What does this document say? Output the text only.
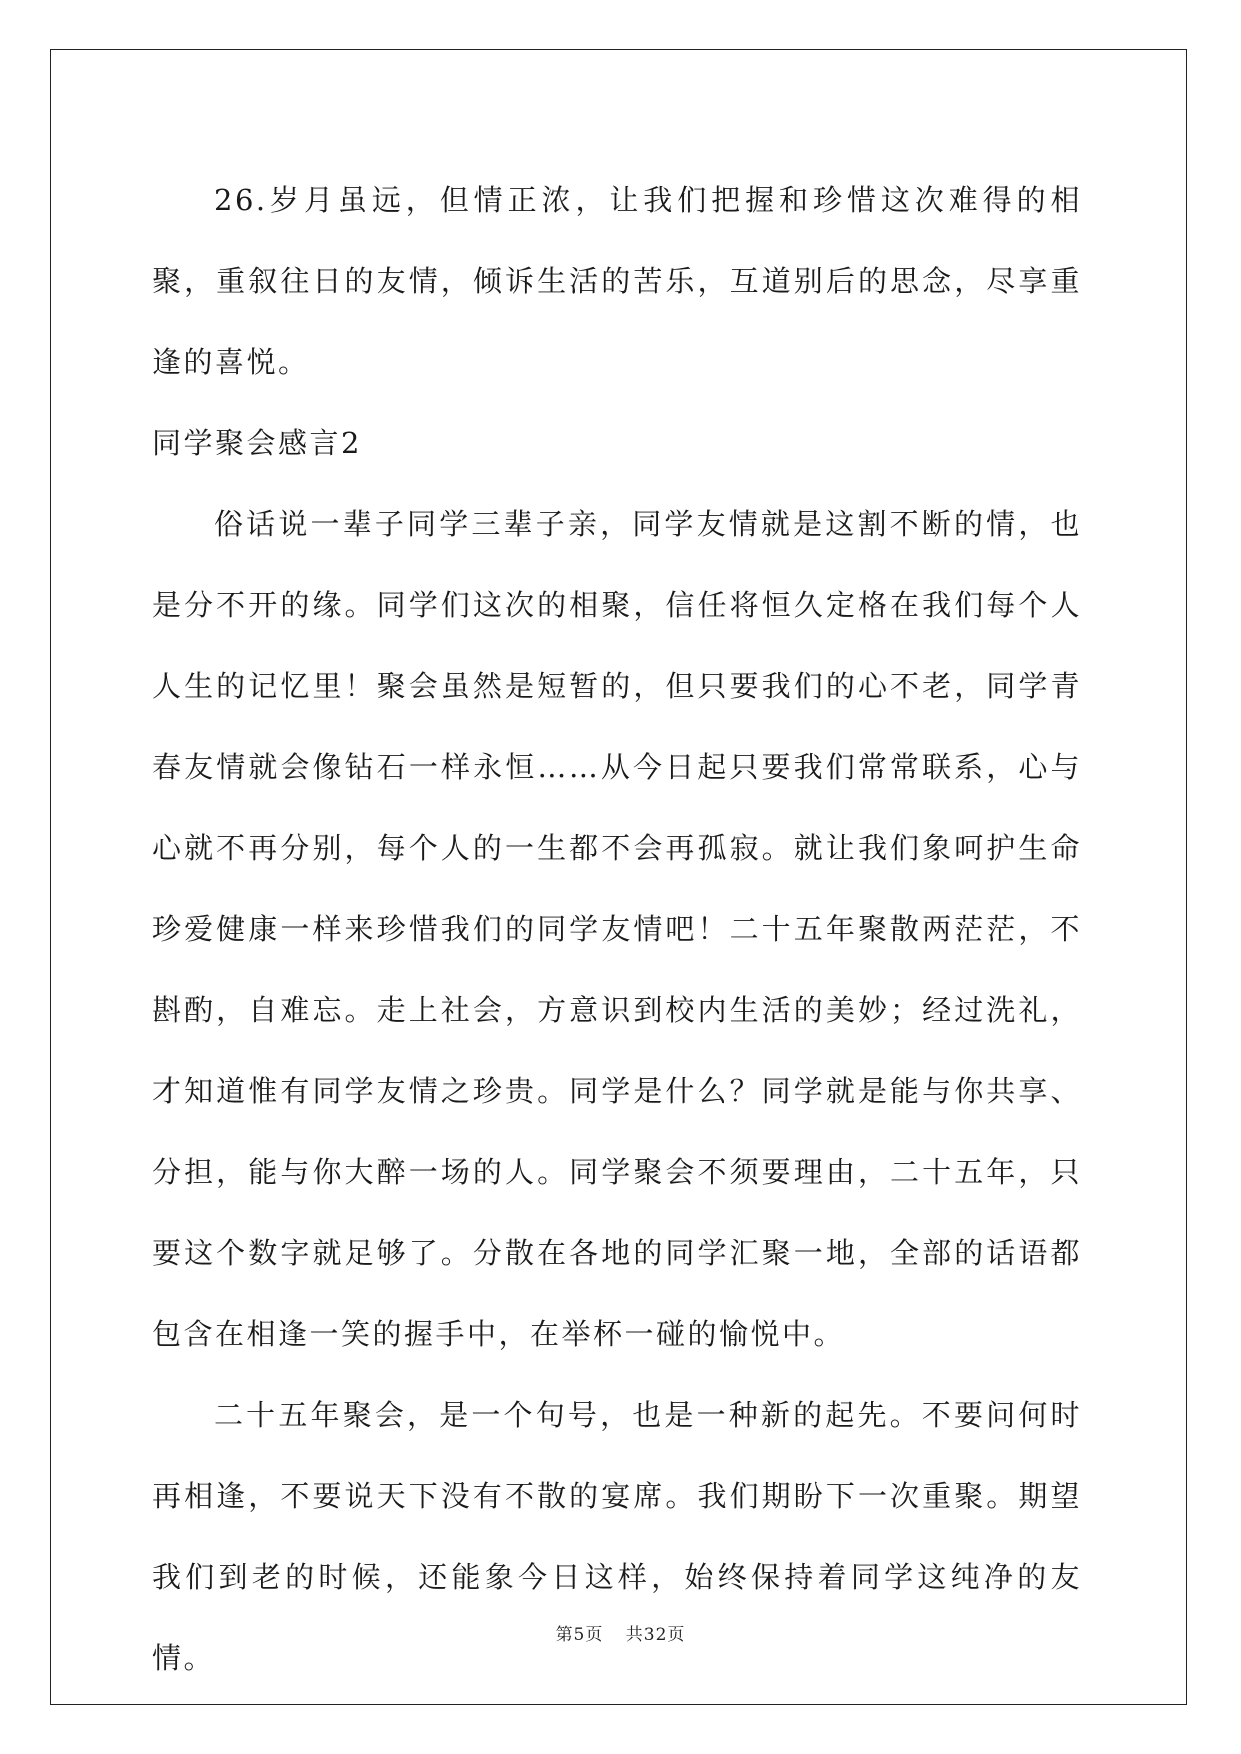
26.岁月虽远，但情正浓，让我们把握和珍惜这次难得的相聚，重叙往日的友情，倾诉生活的苦乐，互道别后的思念，尽享重逢的喜悦。

同学聚会感言2

俗话说一辈子同学三辈子亲，同学友情就是这割不断的情，也是分不开的缘。同学们这次的相聚，信任将恒久定格在我们每个人人生的记忆里！聚会虽然是短暂的，但只要我们的心不老，同学青春友情就会像钻石一样永恒……从今日起只要我们常常联系，心与心就不再分别，每个人的一生都不会再孤寂。就让我们象呵护生命珍爱健康一样来珍惜我们的同学友情吧！二十五年聚散两茫茫，不斟酌，自难忘。走上社会，方意识到校内生活的美妙；经过洗礼，才知道惟有同学友情之珍贵。同学是什么？同学就是能与你共享、分担，能与你大醉一场的人。同学聚会不须要理由，二十五年，只要这个数字就足够了。分散在各地的同学汇聚一地，全部的话语都包含在相逢一笑的握手中，在举杯一碰的愉悦中。

二十五年聚会，是一个句号，也是一种新的起先。不要问何时再相逢，不要说天下没有不散的宴席。我们期盼下一次重聚。期望我们到老的时候，还能象今日这样，始终保持着同学这纯净的友情。

第5页 共32页
